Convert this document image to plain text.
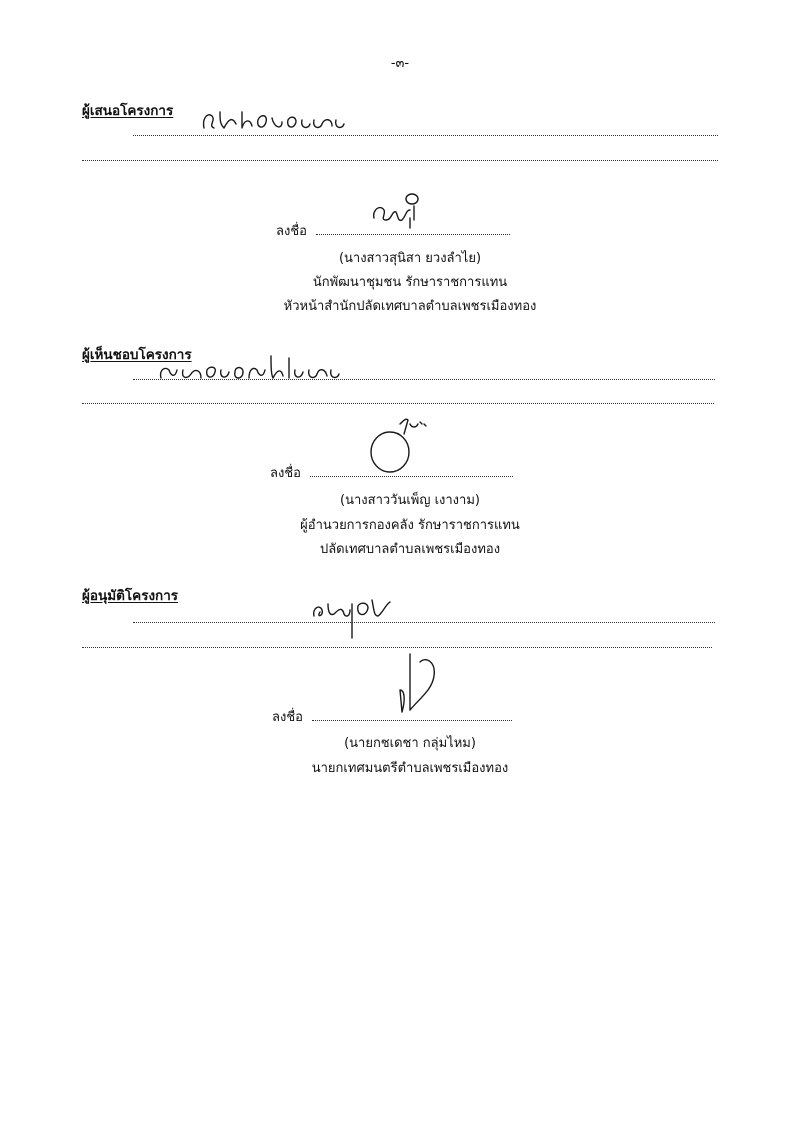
-๓-
ผู้เสนอโครงการ
ลงชื่อ
(นางสาวสุนิสา ยวงลำไย)
นักพัฒนาชุมชน รักษาราชการแทน
หัวหน้าสำนักปลัดเทศบาลตำบลเพชรเมืองทอง
ผู้เห็นชอบโครงการ
ลงชื่อ
(นางสาววันเพ็ญ เงางาม)
ผู้อำนวยการกองคลัง รักษาราชการแทน
ปลัดเทศบาลตำบลเพชรเมืองทอง
ผู้อนุมัติโครงการ
ลงชื่อ
(นายกชเดชา กลุ่มไหม)
นายกเทศมนตรีตำบลเพชรเมืองทอง
